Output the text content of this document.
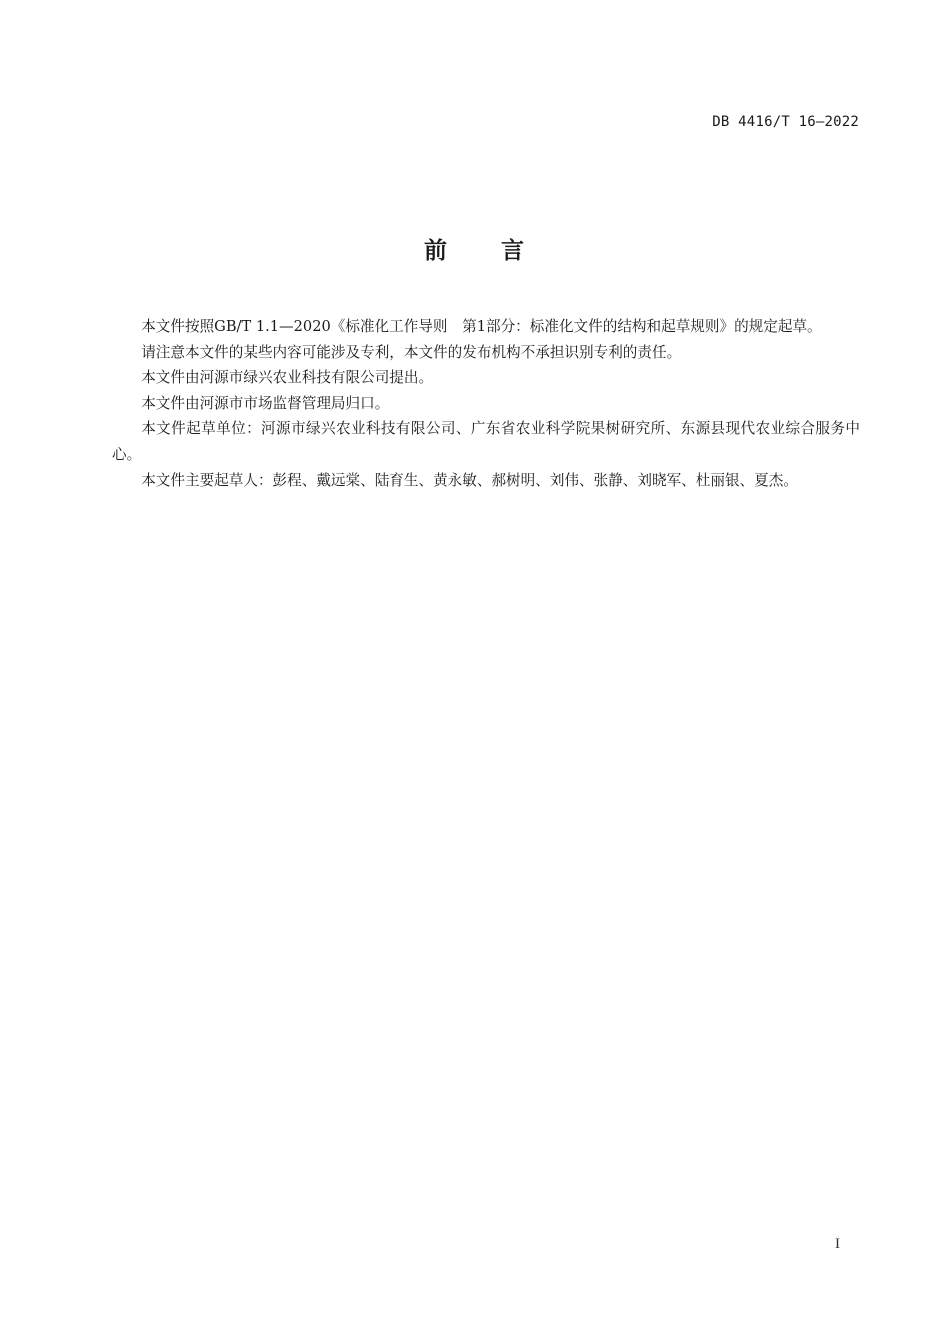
DB 4416/T 16—2022
前 言

本文件按照GB/T 1.1—2020《标准化工作导则　第1部分：标准化文件的结构和起草规则》的规定起草。

请注意本文件的某些内容可能涉及专利，本文件的发布机构不承担识别专利的责任。

本文件由河源市绿兴农业科技有限公司提出。

本文件由河源市市场监督管理局归口。

本文件起草单位：河源市绿兴农业科技有限公司、广东省农业科学院果树研究所、东源县现代农业综合服务中心。

本文件主要起草人：彭程、戴远棠、陆育生、黄永敏、郝树明、刘伟、张静、刘晓军、杜丽银、夏杰。

I
